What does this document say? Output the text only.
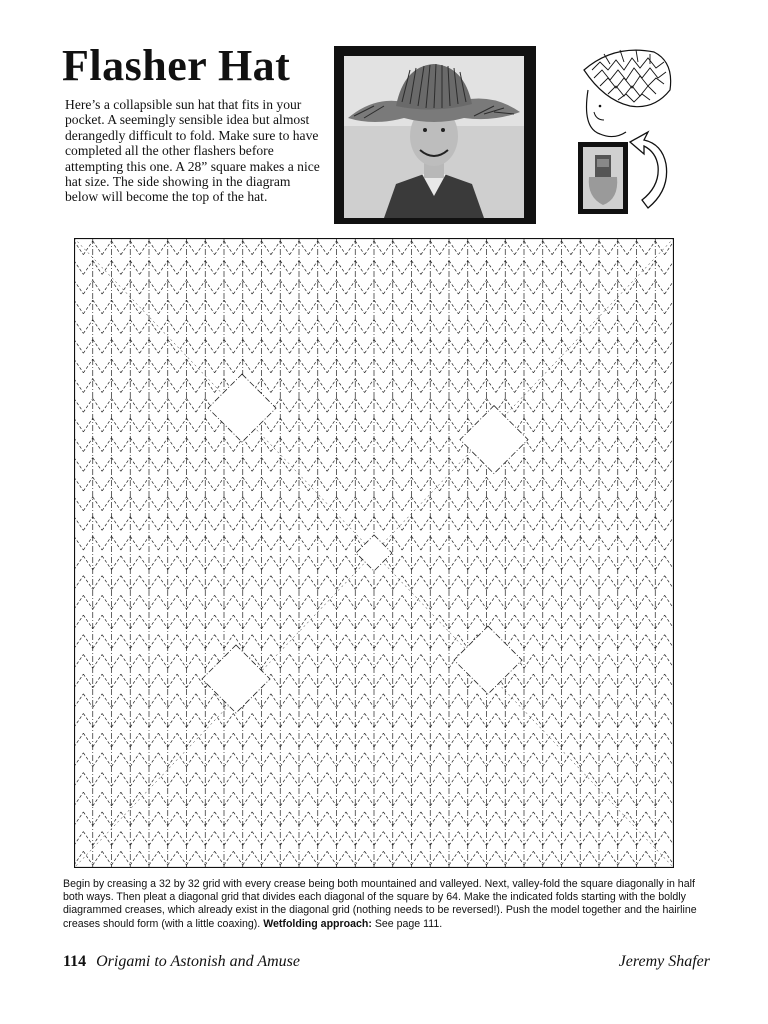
Flasher Hat

Here’s a collapsible sun hat that fits in your pocket. A seemingly sensible idea but almost derangedly difficult to fold. Make sure to have completed all the other flashers before attempting this one. A 28” square makes a nice hat size. The side showing in the diagram below will become the top of the hat.

Begin by creasing a 32 by 32 grid with every crease being both mountained and valleyed. Next, valley-fold the square diagonally in half both ways. Then pleat a diagonal grid that divides each diagonal of the square by 64. Make the indicated folds starting with the boldly diagrammed creases, which already exist in the diagonal grid (nothing needs to be reversed!). Push the model together and the hairline creases should form (with a little coaxing). Wetfolding approach: See page 111.

114 Origami to Astonish and Amuse	Jeremy Shafer
